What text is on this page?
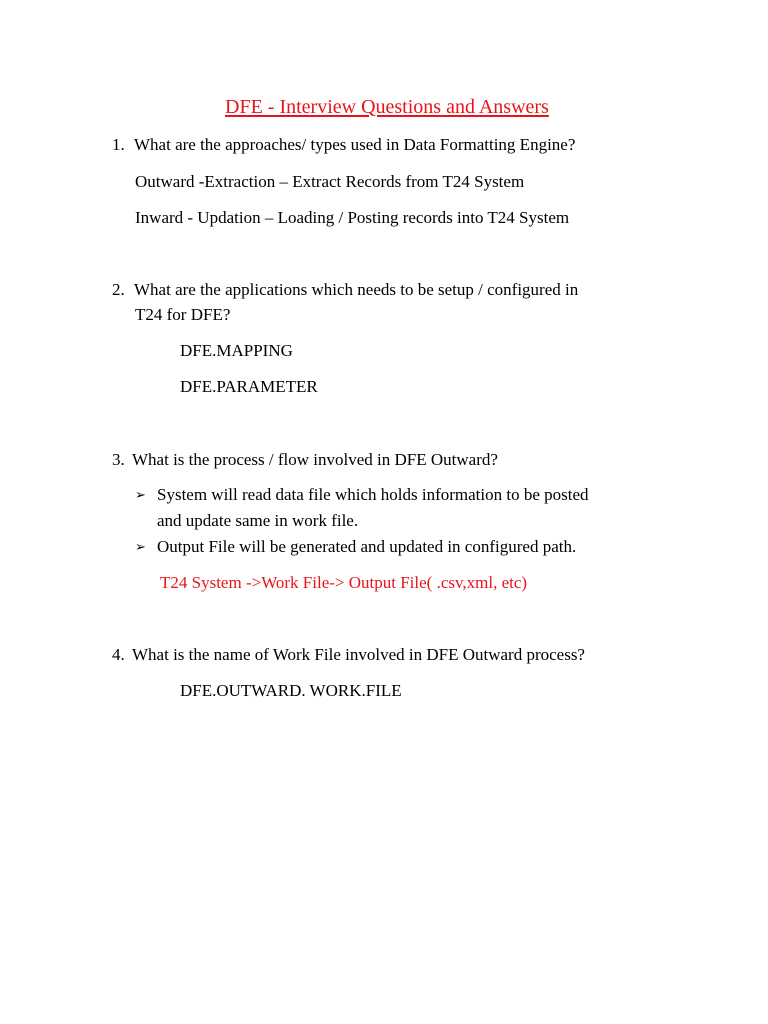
DFE - Interview Questions and Answers
1. What are the approaches/ types used in Data Formatting Engine?
Outward -Extraction – Extract Records from T24 System
Inward - Updation – Loading / Posting records into T24 System
2. What are the applications which needs to be setup / configured in
T24 for DFE?
DFE.MAPPING
DFE.PARAMETER
3. What is the process / flow involved in DFE Outward?
➢ System will read data file which holds information to be posted
and update same in work file.
➢ Output File will be generated and updated in configured path.
T24 System ->Work File-> Output File( .csv,xml, etc)
4. What is the name of Work File involved in DFE Outward process?
DFE.OUTWARD. WORK.FILE
